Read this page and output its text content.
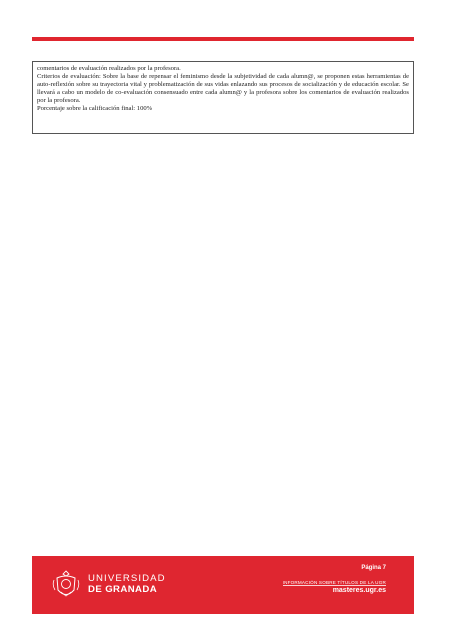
comentarios de evaluación realizados por la profesora.

Criterios de evaluación: Sobre la base de repensar el feminismo desde la subjetividad de cada alumn@, se proponen estas herramientas de auto-reflexión sobre su trayectoria vital y problematización de sus vidas enlazando sus procesos de socialización y de educación escolar. Se llevará a cabo un modelo de co-evaluación consensuado entre cada alumn@ y la profesora sobre los comentarios de evaluación realizados por la profesora.

Porcentaje sobre la calificación final: 100%

UNIVERSIDAD
DE GRANADA
Página 7
INFORMACIÓN SOBRE TÍTULOS DE LA UGR
masteres.ugr.es
